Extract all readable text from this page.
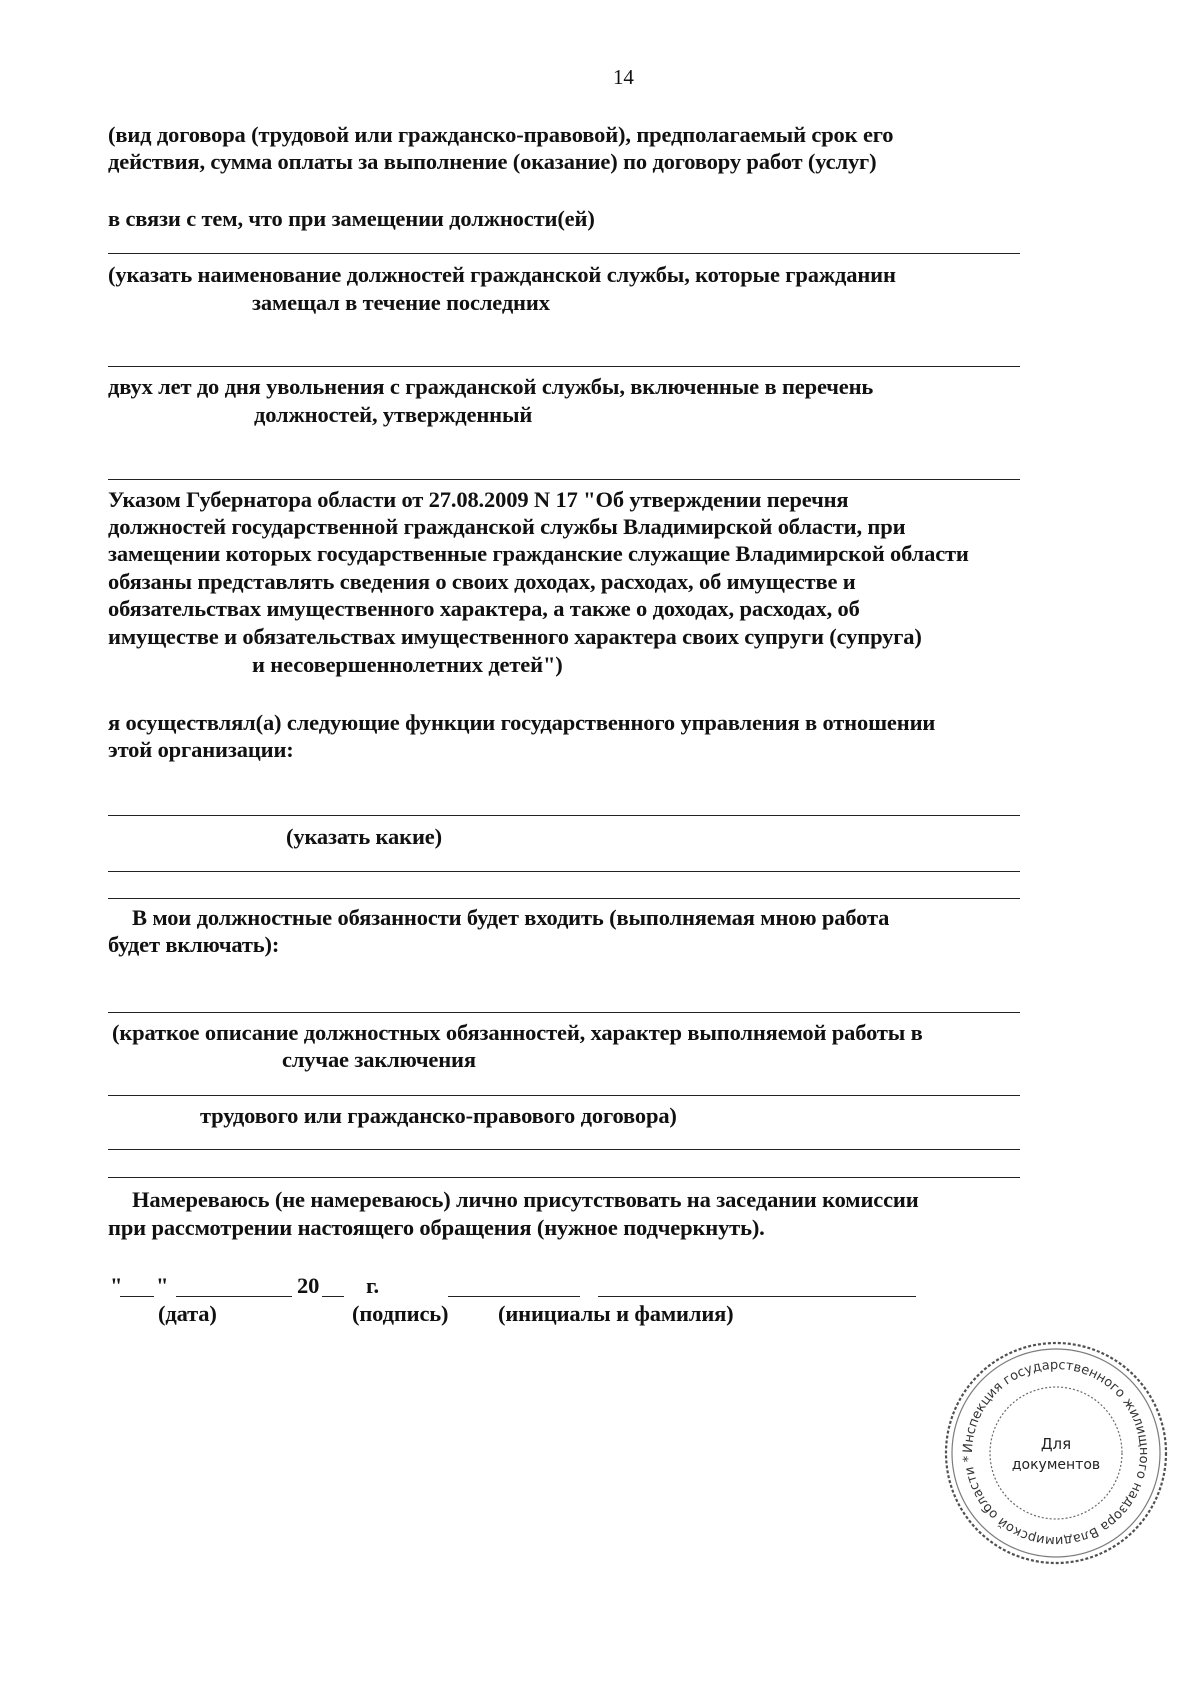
14
(вид договора (трудовой или гражданско-правовой), предполагаемый срок его
действия, сумма оплаты за выполнение (оказание) по договору работ (услуг)
в связи с тем, что при замещении должности(ей)
(указать наименование должностей гражданской службы, которые гражданин
замещал в течение последних
двух лет до дня увольнения с гражданской службы, включенные в перечень
должностей, утвержденный
Указом Губернатора области от 27.08.2009 N 17 "Об утверждении перечня
должностей государственной гражданской службы Владимирской области, при
замещении которых государственные гражданские служащие Владимирской области
обязаны представлять сведения о своих доходах, расходах, об имуществе и
обязательствах имущественного характера, а также о доходах, расходах, об
имуществе и обязательствах имущественного характера своих супруги (супруга)
и несовершеннолетних детей")
я осуществлял(а) следующие функции государственного управления в отношении
этой организации:
(указать какие)
В мои должностные обязанности будет входить (выполняемая мною работа
будет включать):
(краткое описание должностных обязанностей, характер выполняемой работы в
случае заключения
трудового или гражданско-правового договора)
Намереваюсь (не намереваюсь) лично присутствовать на заседании комиссии
при рассмотрении настоящего обращения (нужное подчеркнуть).
" "	20 г.
(дата)	(подпись) (инициалы и фамилия)
Инспекция государственного жилищного надзора Владимирской области *
Для
документов
